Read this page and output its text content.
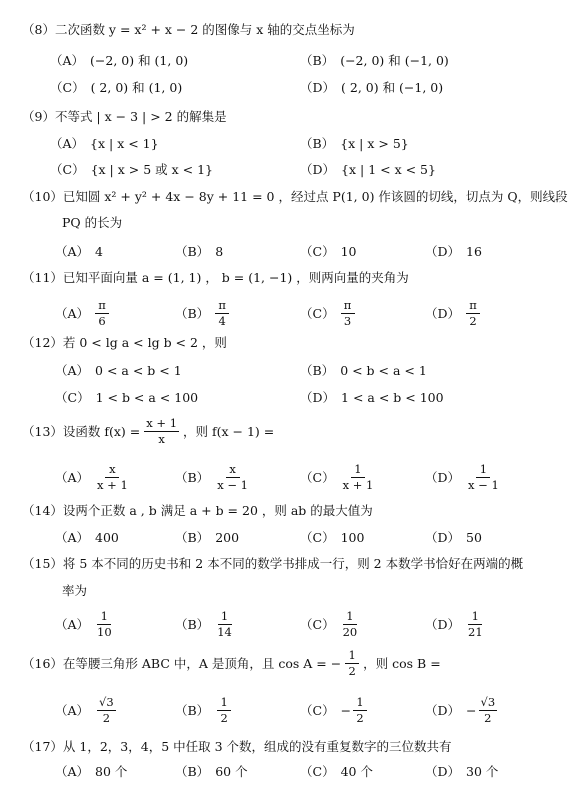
（8）二次函数 y = x² + x − 2 的图像与 x 轴的交点坐标为
（A） (−2, 0) 和 (1, 0)	（B） (−2, 0) 和 (−1, 0)
（C） ( 2, 0) 和 (1, 0)	（D） ( 2, 0) 和 (−1, 0)
（9）不等式 | x − 3 | > 2 的解集是
（A） {x | x < 1}	（B） {x | x > 5}
（C） {x | x > 5 或 x < 1}	（D） {x | 1 < x < 5}
（10）已知圆 x² + y² + 4x − 8y + 11 = 0 ，经过点 P(1, 0) 作该圆的切线，切点为 Q，则线段
PQ 的长为
（A） 4	（B） 8	（C） 10	（D） 16
（11）已知平面向量 a = (1, 1) ， b = (1, −1) ，则两向量的夹角为
$(A) \frac{\pi}{6}$	$(B) \frac{\pi}{4}$	$(C) \frac{\pi}{3}$	$(D) \frac{\pi}{2}$
（12）若 0 < lg a < lg b < 2 ，则
（A） 0 < a < b < 1	（B） 0 < b < a < 1
（C） 1 < b < a < 100	（D） 1 < a < b < 100
（13）设函数 $f(x) = \frac{x + 1}{x}$ ，则 f(x − 1) =
$(A) \frac{x}{x + 1}$	$(B) \frac{x}{x - 1}$	$(C) \frac{1}{x + 1}$	$(D) \frac{1}{x - 1}$
（14）设两个正数 a , b 满足 a + b = 20 ，则 ab 的最大值为
（A） 400	（B） 200	（C） 100	（D） 50
（15）将 5 本不同的历史书和 2 本不同的数学书排成一行，则 2 本数学书恰好在两端的概
率为
$(A) \frac{1}{10}$	$(B) \frac{1}{14}$	$(C) \frac{1}{20}$	$(D) \frac{1}{21}$
（16）在等腰三角形 ABC 中，A 是顶角，且 cos A = − $\frac{1}{2}$ ，则 cos B =
$(A) \frac{√3}{2}$	$(B) \frac{1}{2}$	$(C) - \frac{1}{2}$	$(D) - \frac{√3}{2}$
（17）从 1，2，3，4，5 中任取 3 个数，组成的没有重复数字的三位数共有
（A） 80 个	（B） 60 个	（C） 40 个	（D） 30 个
